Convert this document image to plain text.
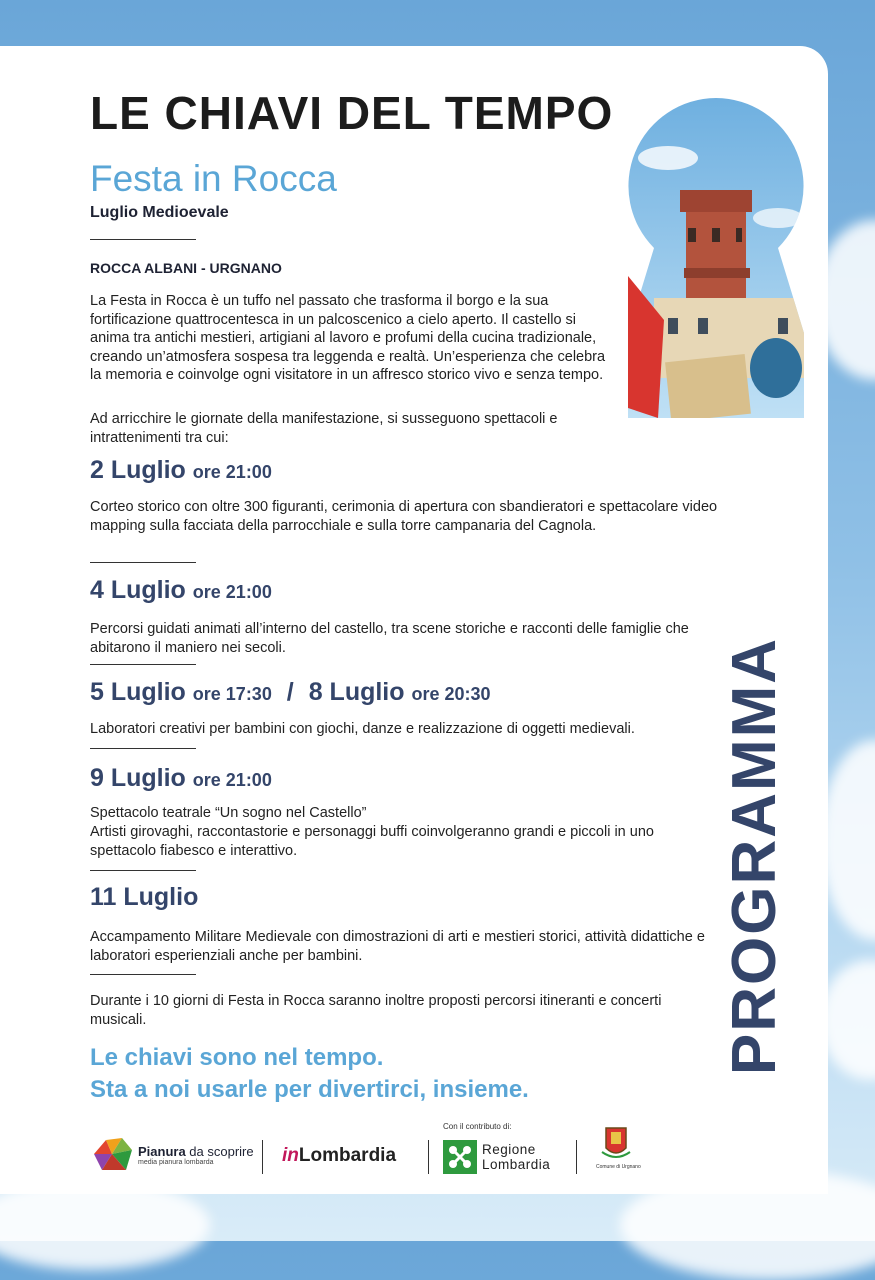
LE CHIAVI DEL TEMPO
Festa in Rocca
Luglio Medioevale
ROCCA ALBANI - URGNANO
La Festa in Rocca è un tuffo nel passato che trasforma il borgo e la sua fortificazione quattrocentesca in un palcoscenico a cielo aperto. Il castello si anima tra antichi mestieri, artigiani al lavoro e profumi della cucina tradizionale, creando un’atmosfera sospesa tra leggenda e realtà. Un’esperienza che celebra la memoria e coinvolge ogni visitatore in un affresco storico vivo e senza tempo.
Ad arricchire le giornate della manifestazione, si susseguono spettacoli e intrattenimenti tra cui:
2 Luglio ore 21:00
Corteo storico con oltre 300 figuranti, cerimonia di apertura con sbandieratori e spettacolare video mapping sulla facciata della parrocchiale e sulla torre campanaria del Cagnola.
4 Luglio ore 21:00
Percorsi guidati animati all’interno del castello, tra scene storiche e racconti delle famiglie che abitarono il maniero nei secoli.
5 Luglio ore 17:30 / 8 Luglio ore 20:30
Laboratori creativi per bambini con giochi, danze e realizzazione di oggetti medievali.
9 Luglio ore 21:00
Spettacolo teatrale “Un sogno nel Castello”
Artisti girovaghi, raccontastorie e personaggi buffi coinvolgeranno grandi e piccoli in uno spettacolo fiabesco e interattivo.
11 Luglio
Accampamento Militare Medievale con dimostrazioni di arti e mestieri storici, attività didattiche e laboratori esperienziali anche per bambini.
Durante i 10 giorni di Festa in Rocca saranno inoltre proposti percorsi itineranti e concerti musicali.
Le chiavi sono nel tempo.
Sta a noi usarle per divertirci, insieme.
PROGRAMMA
Pianura da scoprire
media pianura lombarda	inLombardia
Con il contributo di:
Regione
Lombardia	Comune di Urgnano
